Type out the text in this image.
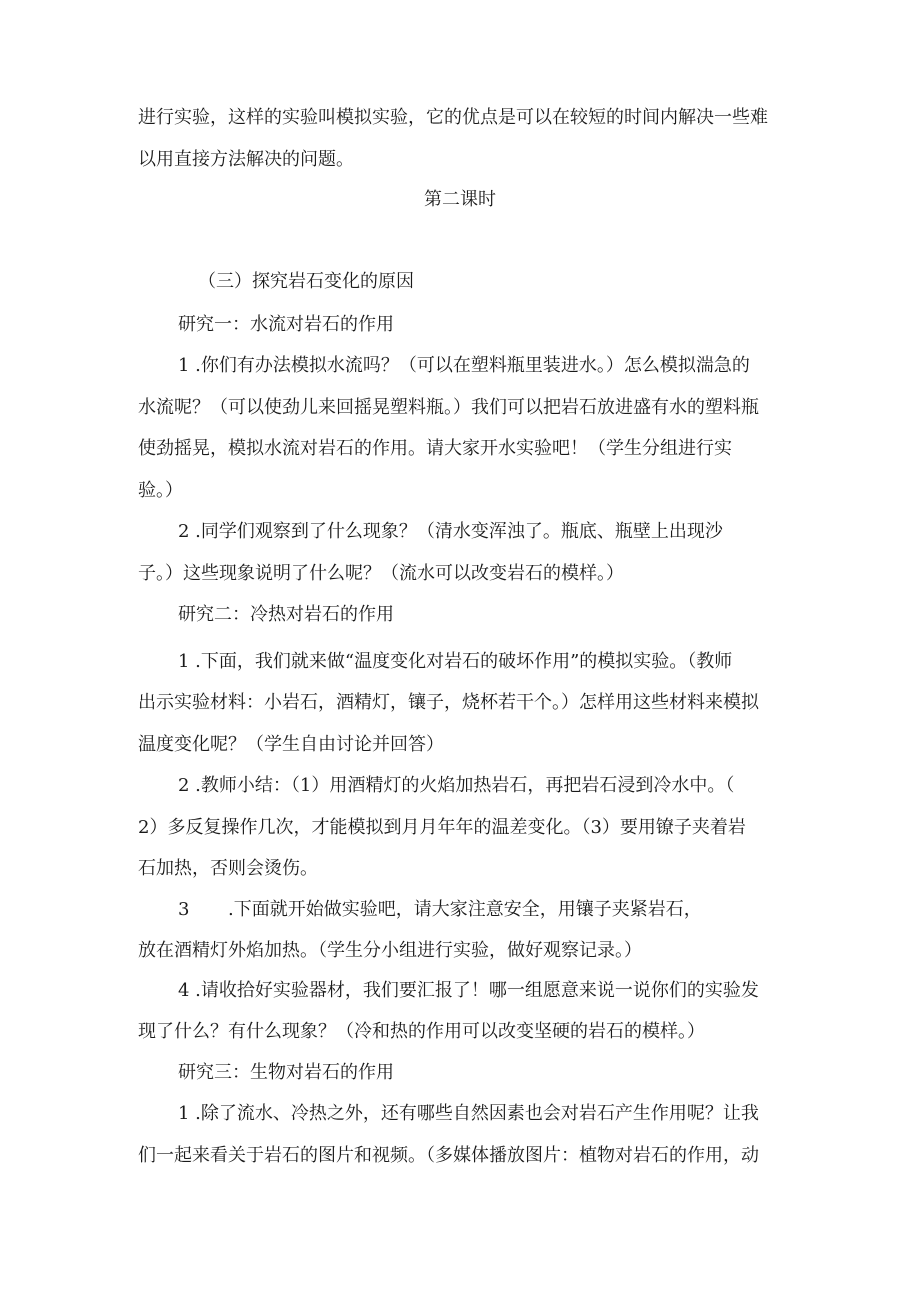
进行实验，这样的实验叫模拟实验，它的优点是可以在较短的时间内解决一些难
以用直接方法解决的问题。
第二课时
（三）探究岩石变化的原因
研究一：水流对岩石的作用
1 .你们有办法模拟水流吗？（可以在塑料瓶里装进水。）怎么模拟湍急的
水流呢？（可以使劲儿来回摇晃塑料瓶。）我们可以把岩石放进盛有水的塑料瓶
使劲摇晃，模拟水流对岩石的作用。请大家开水实验吧！（学生分组进行实
验。）
2 .同学们观察到了什么现象？（清水变浑浊了。瓶底、瓶壁上出现沙
子。）这些现象说明了什么呢？（流水可以改变岩石的模样。）
研究二：冷热对岩石的作用
1 .下面，我们就来做“温度变化对岩石的破坏作用”的模拟实验。（教师
出示实验材料：小岩石，酒精灯，镶子，烧杯若干个。）怎样用这些材料来模拟
温度变化呢？（学生自由讨论并回答）
2 .教师小结：（1）用酒精灯的火焰加热岩石，再把岩石浸到冷水中。（
2）多反复操作几次，才能模拟到月月年年的温差变化。（3）要用镣子夹着岩
石加热，否则会烫伤。
3 .下面就开始做实验吧，请大家注意安全，用镶子夹紧岩石，
放在酒精灯外焰加热。（学生分小组进行实验，做好观察记录。）
4 .请收拾好实验器材，我们要汇报了！哪一组愿意来说一说你们的实验发
现了什么？有什么现象？（冷和热的作用可以改变坚硬的岩石的模样。）
研究三：生物对岩石的作用
1 .除了流水、冷热之外，还有哪些自然因素也会对岩石产生作用呢？让我
们一起来看关于岩石的图片和视频。（多媒体播放图片：植物对岩石的作用，动
